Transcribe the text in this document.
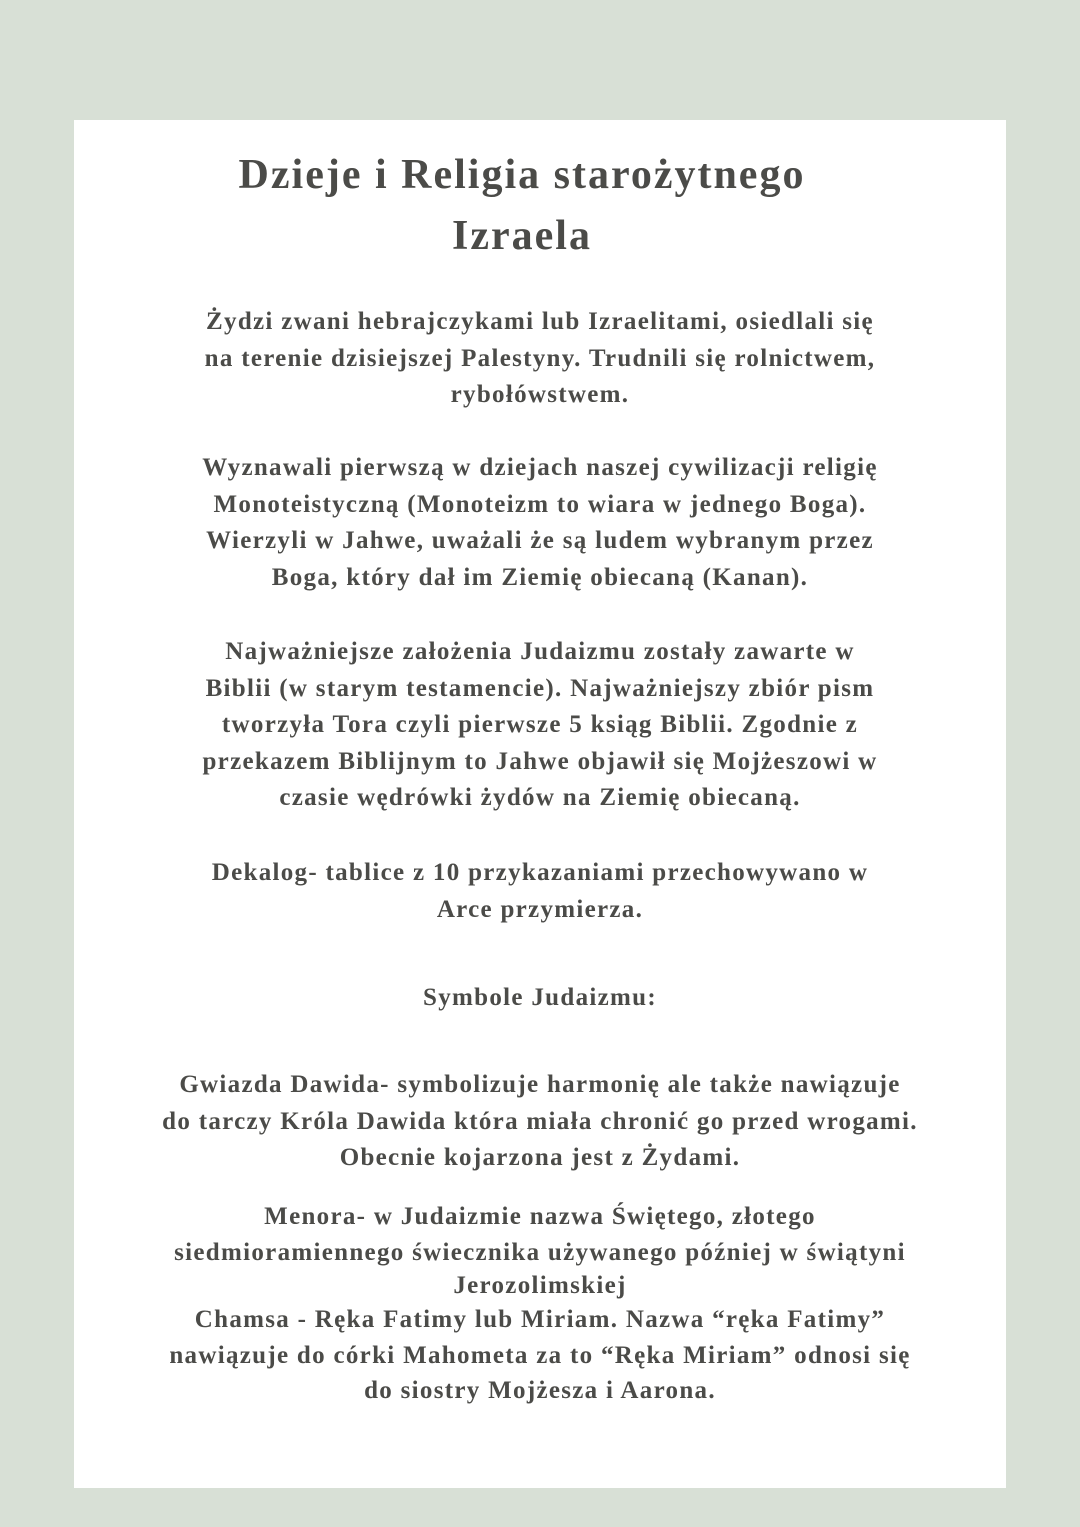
Dzieje i Religia starożytnego
Izraela
Żydzi zwani hebrajczykami lub Izraelitami, osiedlali się
na terenie dzisiejszej Palestyny. Trudnili się rolnictwem,
rybołówstwem.
Wyznawali pierwszą w dziejach naszej cywilizacji religię
Monoteistyczną (Monoteizm to wiara w jednego Boga).
Wierzyli w Jahwe, uważali że są ludem wybranym przez
Boga, który dał im Ziemię obiecaną (Kanan).
Najważniejsze założenia Judaizmu zostały zawarte w
Biblii (w starym testamencie). Najważniejszy zbiór pism
tworzyła Tora czyli pierwsze 5 ksiąg Biblii. Zgodnie z
przekazem Biblijnym to Jahwe objawił się Mojżeszowi w
czasie wędrówki żydów na Ziemię obiecaną.
Dekalog- tablice z 10 przykazaniami przechowywano w
Arce przymierza.
Symbole Judaizmu:
Gwiazda Dawida- symbolizuje harmonię ale także nawiązuje
do tarczy Króla Dawida która miała chronić go przed wrogami.
Obecnie kojarzona jest z Żydami.
Menora- w Judaizmie nazwa Świętego, złotego
siedmioramiennego świecznika używanego później w świątyni
Jerozolimskiej
Chamsa - Ręka Fatimy lub Miriam. Nazwa “ręka Fatimy”
nawiązuje do córki Mahometa za to “Ręka Miriam” odnosi się
do siostry Mojżesza i Aarona.
